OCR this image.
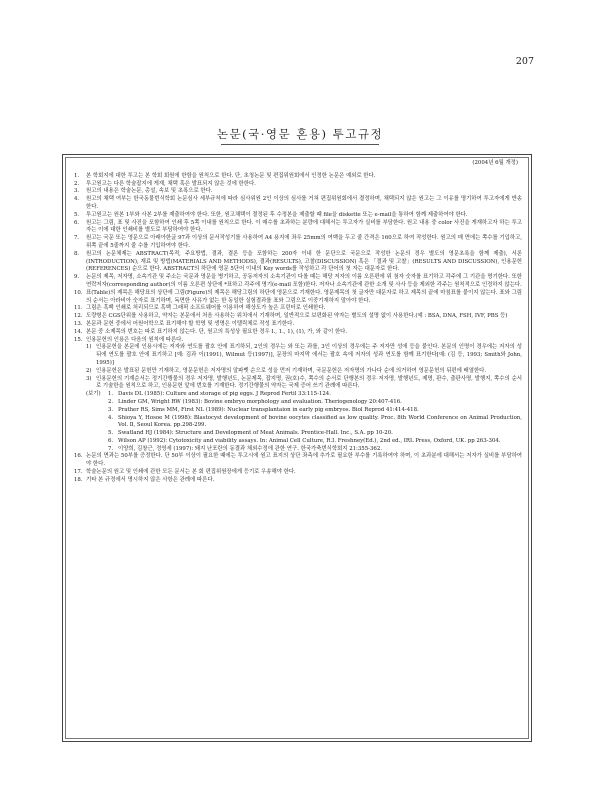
207
논문(국·영문 혼용) 투고규정
(2004년 6월 개정)
1.	본 학회지에 대한 투고는 본 학회 회원에 한함을 원칙으로 한다. 단, 초청논문 및 편집위원회에서 인정한 논문은 예외로 한다.
2.	투고원고는 다른 학술잡지에 게재, 채택 혹은 발표되지 않은 것에 한한다.
3.	원고의 내용은 학술논문, 총설, 속보 및 초록으로 한다.
4.	원고의 채택 여부는 한국동물번식학회 논문심사 세부규칙에 따라 심사위원 2인 이상의 심사를 거쳐 편집위원회에서 결정하며, 채택되지 않은 원고는 그 이유를 명기하여 투고자에게 반송한다.
5.	투고원고는 원본 1부와 사본 2부를 제출하여야 한다. 또한, 원고채택이 결정된 후 수정본을 제출할 때 file을 diskette 또는 e-mail을 통하여 함께 제출하여야 한다.
6.	원고는 그림, 표 및 사진을 포함하여 인쇄 후 5쪽 이내를 원칙으로 한다. 이 매수를 초과하는 분량에 대해서는 투고자가 실비를 부담한다. 원고 내용 중 color 사진을 게재하고자 하는 투고자는 이에 대한 인쇄비를 별도로 부담하여야 한다.
7.	원고는 국문 또는 영문으로 아래아한글 97과 이상의 문서작성기를 사용하여 A4 용지에 좌우 25mm의 여백을 두고 줄 간격은 160으로 하여 작성한다. 원고의 매 면에는 쪽수를 기입하고, 위쪽 끝에 5줄까지 줄 수를 기입하여야 한다.
8.	원고의 논문체제는 ABSTRACT(목적, 주요방법, 결과, 결론 등을 포함하는 200자 이내 한 문단으로 국문으로 작성한 논문의 경우 별도의 영문초록을 함께 제출), 서론(INTRODUCTION), 재료 및 방법(MATERIALS AND METHODS), 결과(RESULTS), 고찰(DISCUSSION) 혹은 「결과 및 고찰」(RESULTS AND DISCUSSION), 인용문헌(REFERENCES) 순으로 한다. ABSTRACT의 하단에 영문 5단어 이내의 Key words를 작성하고 각 단어의 첫 자는 대문자로 한다.
9.	논문의 제목, 저자명, 소속기관 및 주소는 국문과 영문을 병기하고, 공동저자의 소속기관이 다를 때는 해당 저자의 이름 오른편에 위 첨자 숫자를 표기하고 각주에 그 기관을 명기한다. 또한 연락저자(corresponding author)의 이름 오른편 상단에 *표하고 각주에 명기(e-mail 포함)한다. 저자나 소속기관에 관한 소개 및 사사 등을 제외한 각주는 원칙적으로 인정하지 않는다.
10. 표(Table)의 제목은 해당표의 상단에 그림(Figure)의 제목은 해당그림의 하단에 영문으로 기재한다. 영문제목의 첫 글자만 대문자로 하고 제목의 끝에 마침표를 붙이지 않는다. 표와 그림의 순서는 아라비아 숫자로 표기하며, 독면한 사유가 없는 한 동일한 실험결과를 표와 그림으로 이중기재하지 말아야 한다.
11. 그림은 흑백 인쇄로 처리되므로 흑백 그래픽 소프트웨어를 이용하여 해상도가 높은 프린터로 인쇄한다.
12. 도량형은 CGS단위를 사용하고, 약자는 본문에서 처음 사용하는 위치에서 기재하며, 일반적으로 보편화된 약자는 별도의 설명 없이 사용한다.(예 : BSA, DNA, FSH, IVF, PBS 등)
13. 본문과 문헌 중에서 어원어학으로 표기해야 할 학명 및 생명은 이탤릭체로 작성 표기한다.
14. 본문 중 소제목의 번호는 따로 표기하지 않는다. 단, 원고의 특성상 필요한 경우 I., 1., 1), (1), 가, 와 같이 한다.
15. 인용문헌의 인용은 다음의 원칙에 따른다.
1) 인용문헌을 본문에 인용시에는 저자와 연도를 괄호 안에 표기하되, 2인의 경우는 와 또는 과를, 3인 이상의 경우에는 주 저자만 성에 등을 붙인다. 본문의 인명이 경우에는 저자의 성 뒤에 연도를 괄호 안에 표기하고 [예: 김과 이(1991), Wilmut 등(1997)], 문장의 마지막 에서는 괄호 속에 저자의 성과 연도를 함께 표기한다[예: (김 등, 1993; Smith와 John, 1995)]
2) 인용문헌은 발표된 문헌만 기재하고, 영문문헌은 저자명의 알파벳 순으로 성을 먼저 기재하며, 국문문헌은 저자명의 가나다 순에 의거하여 영문문헌의 뒤편에 배열한다.
3) 인용문헌의 기재순서는 정기간행물의 경우 저자명, 발행년도, 논문제목, 잡지명, 권(호)수, 쪽수의 순서로 단행본의 경우 저자명, 발행년도, 제명, 판수, 출판사명, 발행지, 쪽수의 순서로 기술한을 원칙으로 하고, 인용문헌 앞에 번호를 기재한다. 정기간행물의 약자는 국제 증어 쓰기 관례에 따른다.
(보기)	1. Davis DL (1985): Culture and storage of pig eggs. J Reprod Fertil 33:115-124.
2. Linder GM, Wright RW (1983): Bovine embryo morphology and evaluation. Theriogenology 20:407-416.
3. Prather RS, Sims MM, First NL (1989): Nuclear transplantaion in early pig embryos. Biol Reprod 41:414-418.
4. Shioya Y, Hosoe M (1998): Blastocyst development of bovine oocytes classified as low quality. Proc. 8th World Conference on Animal Production, Vol. Ⅱ, Seoul Korea. pp.298-299.
5. Swatland HJ (1984): Structure and Development of Meat Animals. Prentice-Hall. Inc., S.A. pp 10-20.
6. Wilson AP (1992): Cytotoxicity and viability assays. In: Animal Cell Culture, R.I. Freshney(Ed.), 2nd ed., IRL Press, Oxford, UK. pp 263-304.
7. 이양희, 김창근, 정영세 (1997): 돼지 난포란의 동결과 체외수정에 관한 연구. 한국가축번식학회지 21:355-362.
16. 논문의 면과는 50부를 증정한다. 단 50부 이상이 필요한 때에는 투고시에 원고 표지의 상단 좌측에 추가로 필요한 부수를 기록하여야 하며, 이 초과분에 대해서는 저자가 실비를 부담하여야 한다.
17. 학술논문의 원고 및 인쇄에 관한 모든 문서는 본 회 편집위원장에게 등기로 우송해야 한다.
18. 기타 본 규정에서 명시하지 않은 사항은 관례에 따른다.
